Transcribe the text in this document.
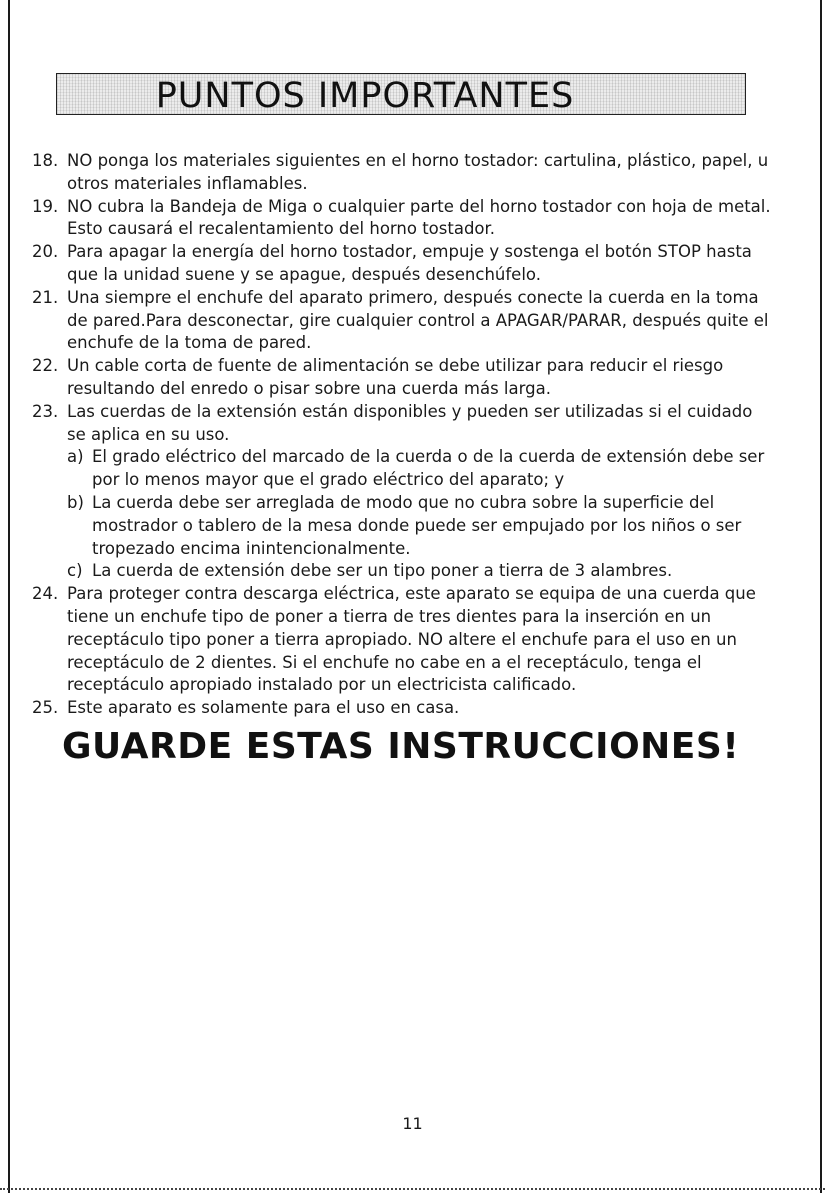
PUNTOS IMPORTANTES
18. NO ponga los materiales siguientes en el horno tostador: cartulina, plástico, papel, u otros materiales inflamables.
19. NO cubra la Bandeja de Miga o cualquier parte del horno tostador con hoja de metal. Esto causará el recalentamiento del horno tostador.
20. Para apagar la energía del horno tostador, empuje y sostenga el botón STOP hasta que la unidad suene y se apague, después desenchúfelo.
21. Una siempre el enchufe del aparato primero, después conecte la cuerda en la toma de pared.Para desconectar, gire cualquier control a APAGAR/PARAR, después quite el enchufe de la toma de pared.
22. Un cable corta de fuente de alimentación se debe utilizar para reducir el riesgo resultando del enredo o pisar sobre una cuerda más larga.
23. Las cuerdas de la extensión están disponibles y pueden ser utilizadas si el cuidado se aplica en su uso.
a) El grado eléctrico del marcado de la cuerda o de la cuerda de extensión debe ser por lo menos mayor que el grado eléctrico del aparato; y
b) La cuerda debe ser arreglada de modo que no cubra sobre la superficie del mostrador o tablero de la mesa donde puede ser empujado por los niños o ser tropezado encima inintencionalmente.
c) La cuerda de extensión debe ser un tipo poner a tierra de 3 alambres.
24. Para proteger contra descarga eléctrica, este aparato se equipa de una cuerda que tiene un enchufe tipo de poner a tierra de tres dientes para la inserción en un receptáculo tipo poner a tierra apropiado. NO altere el enchufe para el uso en un receptáculo de 2 dientes. Si el enchufe no cabe en a el receptáculo, tenga el receptáculo apropiado instalado por un electricista calificado.
25. Este aparato es solamente para el uso en casa.
GUARDE ESTAS INSTRUCCIONES!
11
